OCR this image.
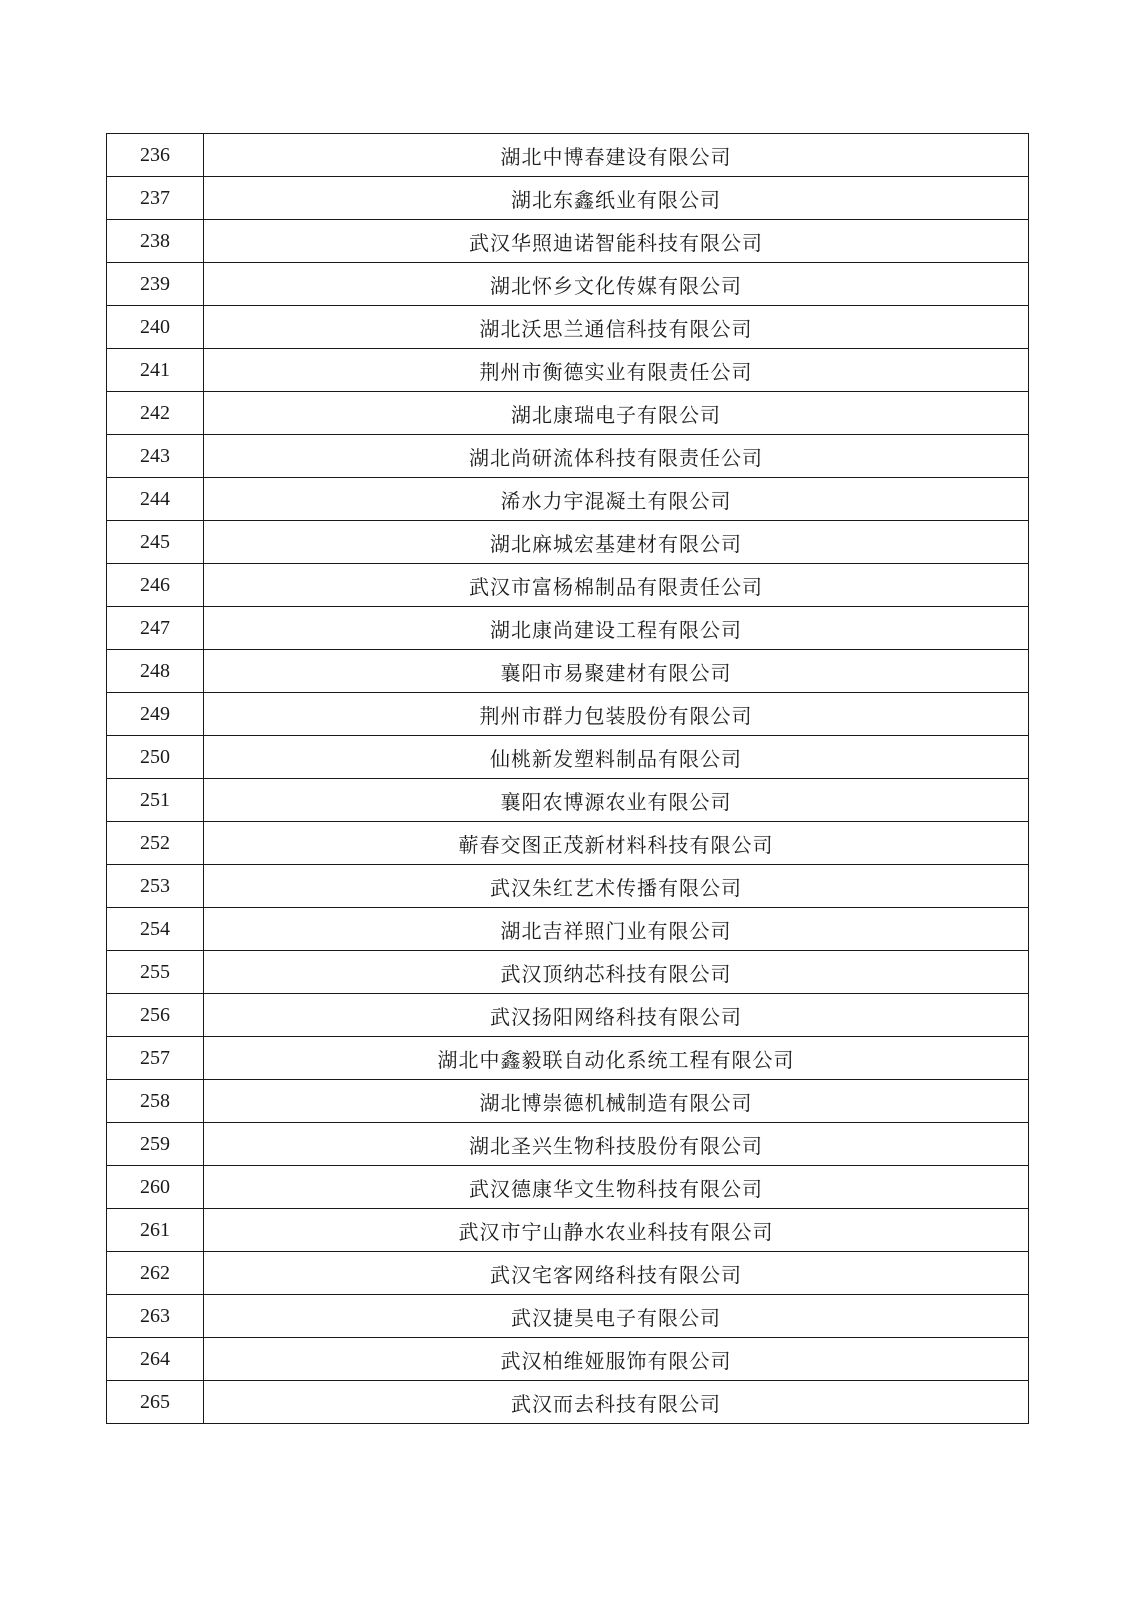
236	湖北中博春建设有限公司
237	湖北东鑫纸业有限公司
238	武汉华照迪诺智能科技有限公司
239	湖北怀乡文化传媒有限公司
240	湖北沃思兰通信科技有限公司
241	荆州市衡德实业有限责任公司
242	湖北康瑞电子有限公司
243	湖北尚研流体科技有限责任公司
244	浠水力宇混凝土有限公司
245	湖北麻城宏基建材有限公司
246	武汉市富杨棉制品有限责任公司
247	湖北康尚建设工程有限公司
248	襄阳市易聚建材有限公司
249	荆州市群力包装股份有限公司
250	仙桃新发塑料制品有限公司
251	襄阳农博源农业有限公司
252	蕲春交图正茂新材料科技有限公司
253	武汉朱红艺术传播有限公司
254	湖北吉祥照门业有限公司
255	武汉顶纳芯科技有限公司
256	武汉扬阳网络科技有限公司
257	湖北中鑫毅联自动化系统工程有限公司
258	湖北博崇德机械制造有限公司
259	湖北圣兴生物科技股份有限公司
260	武汉德康华文生物科技有限公司
261	武汉市宁山静水农业科技有限公司
262	武汉宅客网络科技有限公司
263	武汉捷昊电子有限公司
264	武汉柏维娅服饰有限公司
265	武汉而去科技有限公司
